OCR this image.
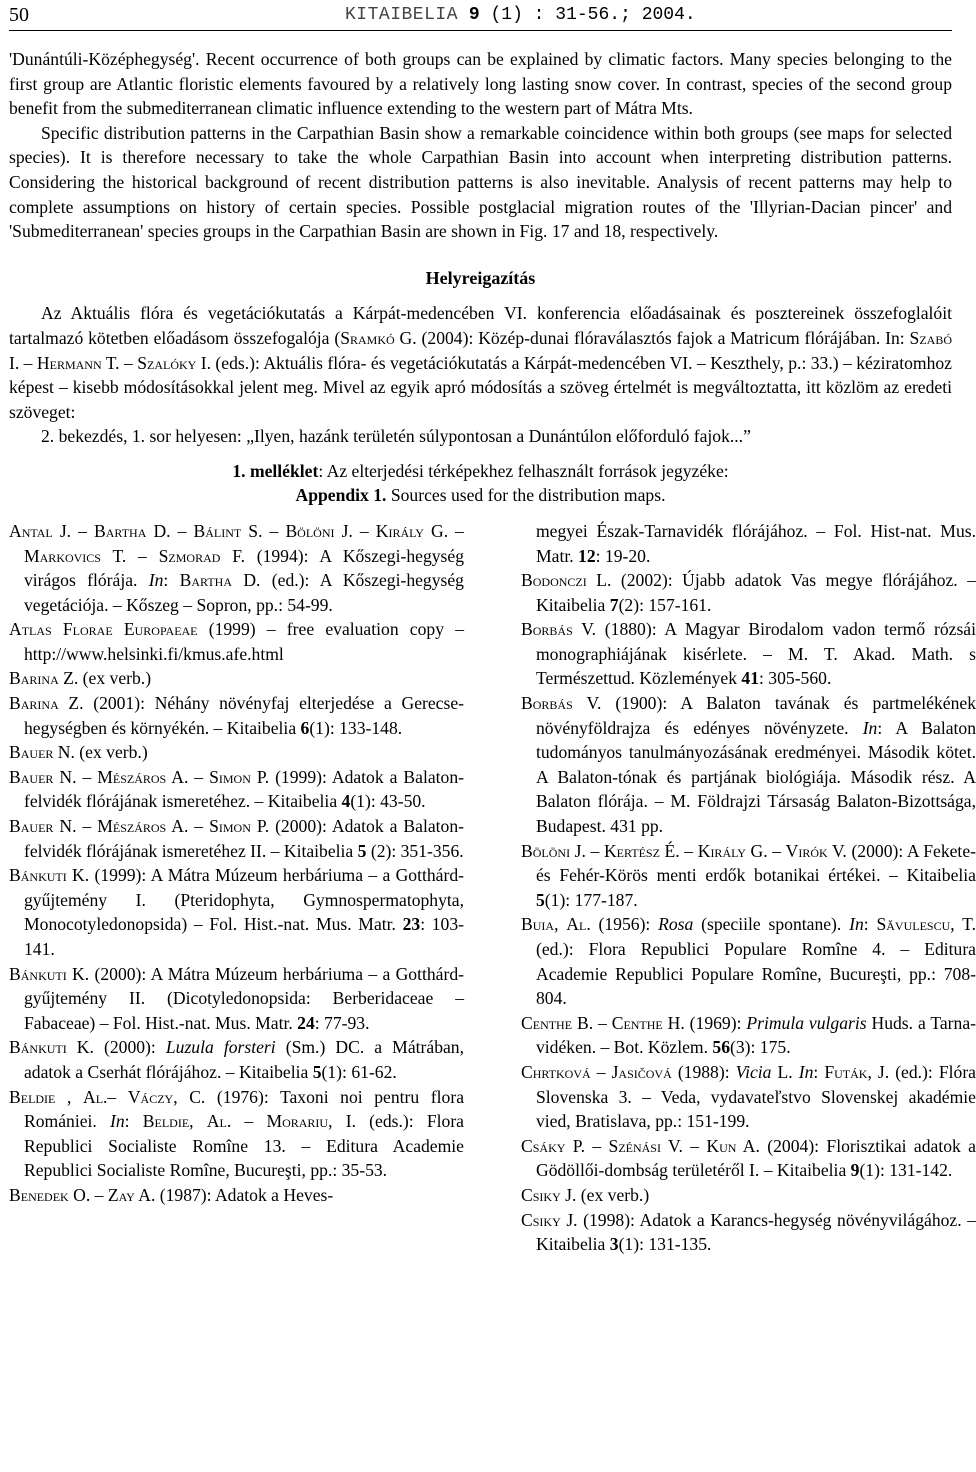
50	KITAIBELIA 9 (1) : 31-56.; 2004.

'Dunántúli-Középhegység'. Recent occurrence of both groups can be explained by climatic factors. Many species belonging to the first group are Atlantic floristic elements favoured by a relatively long lasting snow cover. In contrast, species of the second group benefit from the submediterranean climatic influence extending to the western part of Mátra Mts.

Specific distribution patterns in the Carpathian Basin show a remarkable coincidence within both groups (see maps for selected species). It is therefore necessary to take the whole Carpathian Basin into account when interpreting distribution patterns. Considering the historical background of recent distribution patterns is also inevitable. Analysis of recent patterns may help to complete assumptions on history of certain species. Possible postglacial migration routes of the 'Illyrian-Dacian pincer' and 'Submediterranean' species groups in the Carpathian Basin are shown in Fig. 17 and 18, respectively.

Helyreigazítás

Az Aktuális flóra és vegetációkutatás a Kárpát-medencében VI. konferencia előadásainak és posztereinek összefoglalóit tartalmazó kötetben előadásom összefogalója (Sramkó G. (2004): Közép-dunai flóraválasztós fajok a Matricum flórájában. In: Szabó I. – Hermann T. – Szalóky I. (eds.): Aktuális flóra- és vegetációkutatás a Kárpát-medencében VI. – Keszthely, p.: 33.) – kéziratomhoz képest – kisebb módosításokkal jelent meg. Mivel az egyik apró módosítás a szöveg értelmét is megváltoztatta, itt közlöm az eredeti szöveget:

2. bekezdés, 1. sor helyesen: „Ilyen, hazánk területén súlypontosan a Dunántúlon előforduló fajok...”

1. melléklet: Az elterjedési térképekhez felhasznált források jegyzéke:
Appendix 1. Sources used for the distribution maps.
Antal J. – Bartha D. – Bálint S. – Bölöni J. – Király G. – Markovics T. – Szmorad F. (1994): A Kőszegi-hegység virágos flórája. In: Bartha D. (ed.): A Kőszegi-hegység vegetációja. – Kőszeg – Sopron, pp.: 54-99.
Atlas Florae Europaeae (1999) – free evaluation copy – http://www.helsinki.fi/kmus.afe.html
Barina Z. (ex verb.)
Barina Z. (2001): Néhány növényfaj elterjedése a Gerecse-hegységben és környékén. – Kitaibelia 6(1): 133-148.
Bauer N. (ex verb.)
Bauer N. – Mészáros A. – Simon P. (1999): Adatok a Balaton-felvidék flórájának ismeretéhez. – Kitaibelia 4(1): 43-50.
Bauer N. – Mészáros A. – Simon P. (2000): Adatok a Balaton-felvidék flórájának ismeretéhez II. – Kitaibelia 5 (2): 351-356.
Bánkuti K. (1999): A Mátra Múzeum herbáriuma – a Gotthárd-gyűjtemény I. (Pteridophyta, Gymnospermatophyta, Monocotyledonopsida) – Fol. Hist.-nat. Mus. Matr. 23: 103-141.
Bánkuti K. (2000): A Mátra Múzeum herbáriuma – a Gotthárd-gyűjtemény II. (Dicotyledonopsida: Berberidaceae – Fabaceae) – Fol. Hist.-nat. Mus. Matr. 24: 77-93.
Bánkuti K. (2000): Luzula forsteri (Sm.) DC. a Mátrában, adatok a Cserhát flórájához. – Kitaibelia 5(1): 61-62.
Beldie , Al.– Váczy, C. (1976): Taxoni noi pentru flora Romániei. In: Beldie, Al. – Morariu, I. (eds.): Flora Republici Socialiste Romîne 13. – Editura Academie Republici Socialiste Romîne, Bucureşti, pp.: 35-53.
Benedek O. – Zay A. (1987): Adatok a Heves-
megyei Észak-Tarnavidék flórájához. – Fol. Hist-nat. Mus. Matr. 12: 19-20.
Bodonczi L. (2002): Újabb adatok Vas megye flórájához. – Kitaibelia 7(2): 157-161.
Borbás V. (1880): A Magyar Birodalom vadon termő rózsái monographiájának kisérlete. – M. T. Akad. Math. s Természettud. Közlemények 41: 305-560.
Borbás V. (1900): A Balaton tavának és partmelékének növényföldrajza és edényes növényzete. In: A Balaton tudományos tanulmányozásának eredményei. Második kötet. A Balaton-tónak és partjának biológiája. Második rész. A Balaton flórája. – M. Földrajzi Társaság Balaton-Bizottsága, Budapest. 431 pp.
Bölöni J. – Kertész É. – Király G. – Virók V. (2000): A Fekete- és Fehér-Körös menti erdők botanikai értékei. – Kitaibelia 5(1): 177-187.
Buia, Al. (1956): Rosa (speciile spontane). In: Săvulescu, T. (ed.): Flora Republici Populare Romîne 4. – Editura Academie Republici Populare Romîne, Bucureşti, pp.: 708-804.
Centhe B. – Centhe H. (1969): Primula vulgaris Huds. a Tarna-vidéken. – Bot. Közlem. 56(3): 175.
Chrtková – Jasičová (1988): Vicia L. In: Futák, J. (ed.): Flóra Slovenska 3. – Veda, vydavateľstvo Slovenskej akadémie vied, Bratislava, pp.: 151-199.
Csáky P. – Szénási V. – Kun A. (2004): Florisztikai adatok a Gödöllői-dombság területéről I. – Kitaibelia 9(1): 131-142.
Csiky J. (ex verb.)
Csiky J. (1998): Adatok a Karancs-hegység növényvilágához. – Kitaibelia 3(1): 131-135.
